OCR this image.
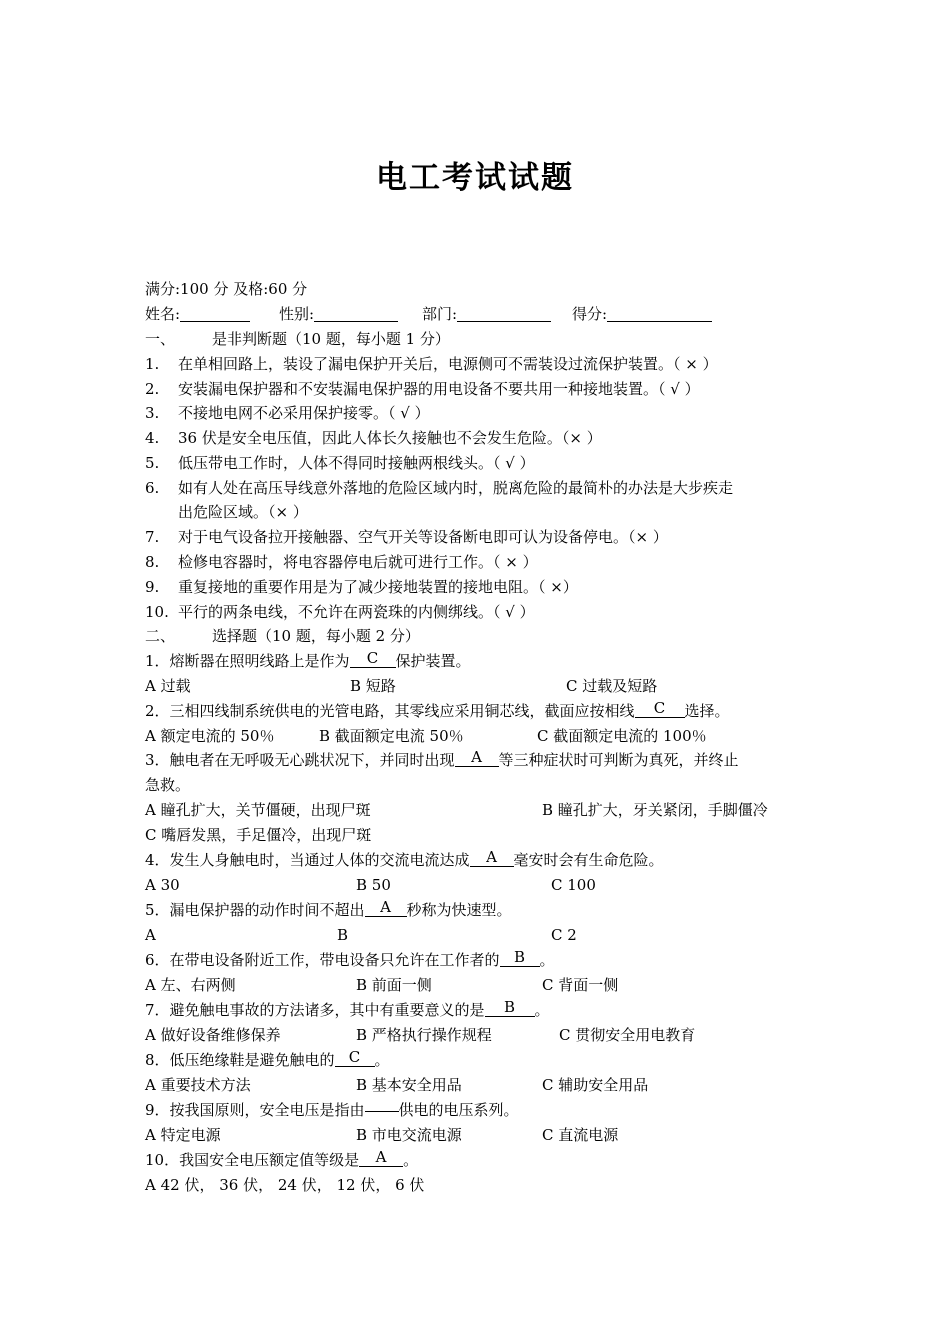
电工考试试题
满分:100 分 及格:60 分
姓名:	性别:	部门:	得分:
一、 是非判断题（10 题，每小题 1 分）
1. 在单相回路上，装设了漏电保护开关后，电源侧可不需装设过流保护装置。（ × ）
2. 安装漏电保护器和不安装漏电保护器的用电设备不要共用一种接地装置。（ √ ）
3. 不接地电网不必采用保护接零。（ √ ）
4. 36 伏是安全电压值，因此人体长久接触也不会发生危险。（× ）
5. 低压带电工作时，人体不得同时接触两根线头。（ √ ）
6. 如有人处在高压导线意外落地的危险区域内时，脱离危险的最简朴的办法是大步疾走
出危险区域。（× ）
7. 对于电气设备拉开接触器、空气开关等设备断电即可认为设备停电。（× ）
8. 检修电容器时，将电容器停电后就可进行工作。（ × ）
9. 重复接地的重要作用是为了减少接地装置的接地电阻。（ ×）
10. 平行的两条电线，不允许在两瓷珠的内侧绑线。（ √ ）
二、 选择题（10 题，每小题 2 分）
1．熔断器在照明线路上是作为 C 保护装置。
A 过载	B 短路	C 过载及短路
2．三相四线制系统供电的光管电路，其零线应采用铜芯线，截面应按相线 C 选择。
A 额定电流的 50％	B 截面额定电流 50％	C 截面额定电流的 100％
3．触电者在无呼吸无心跳状况下，并同时出现 A 等三种症状时可判断为真死，并终止
急救。
A 瞳孔扩大，关节僵硬，出现尸斑	B 瞳孔扩大，牙关紧闭，手脚僵冷
C 嘴唇发黑，手足僵冷，出现尸斑
4．发生人身触电时，当通过人体的交流电流达成 A 毫安时会有生命危险。
A 30	B 50	C 100
5．漏电保护器的动作时间不超出 A 秒称为快速型。
A	B	C 2
6．在带电设备附近工作，带电设备只允许在工作者的 B 。
A 左、右两侧	B 前面一侧	C 背面一侧
7．避免触电事故的方法诸多，其中有重要意义的是 B 。
A 做好设备维修保养	B 严格执行操作规程	C 贯彻安全用电教育
8．低压绝缘鞋是避免触电的 C 。
A 重要技术方法	B 基本安全用品	C 辅助安全用品
9．按我国原则，安全电压是指由 供电的电压系列。
A 特定电源	B 市电交流电源	C 直流电源
10．我国安全电压额定值等级是 A 。
A 42 伏， 36 伏， 24 伏， 12 伏， 6 伏
